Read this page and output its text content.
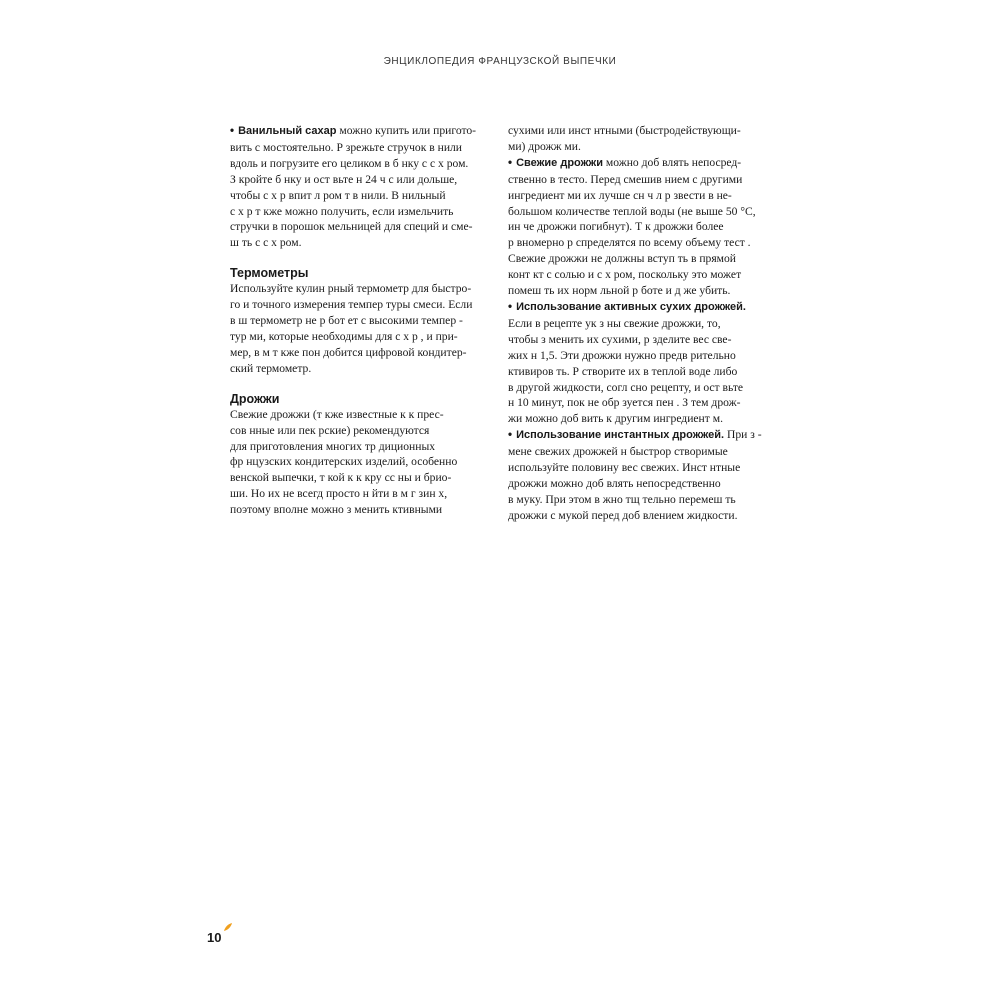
ЭНЦИКЛОПЕДИЯ ФРАНЦУЗСКОЙ ВЫПЕЧКИ
• Ванильный сахар можно купить или пригото-
вить с мостоятельно. Р зрежьте стручок в нили
вдоль и погрузите его целиком в б нку с с х ром.
З кройте б нку и ост вьте н 24 ч с или дольше,
чтобы с х р впит л ром т в нили. В нильный
с х р т кже можно получить, если измельчить
стручки в порошок мельницей для специй и сме-
ш ть с с х ром.
Термометры
Используйте кулин рный термометр для быстро-
го и точного измерения темпер туры смеси. Если
в ш термометр не р бот ет с высокими темпер -
тур ми, которые необходимы для с х р , и при-
мер, в м т кже пон добится цифровой кондитер-
ский термометр.
Дрожжи
Свежие дрожжи (т кже известные к к прес-
сов нные или пек рские) рекомендуются
для приготовления многих тр диционных
фр нцузских кондитерских изделий, особенно
венской выпечки, т кой к к кру сс ны и брио-
ши. Но их не всегд просто н йти в м г зин х,
поэтому вполне можно з менить ктивными
сухими или инст нтными (быстродействующи-
ми) дрожж ми.
• Свежие дрожжи можно доб влять непосред-
ственно в тесто. Перед смешив нием с другими
ингредиент ми их лучше сн ч л р звести в не-
большом количестве теплой воды (не выше 50 °C,
ин че дрожжи погибнут). Т к дрожжи более
р вномерно р спределятся по всему объему тест .
Свежие дрожжи не должны вступ ть в прямой
конт кт с солью и с х ром, поскольку это может
помеш ть их норм льной р боте и д же убить.
• Использование активных сухих дрожжей.
Если в рецепте ук з ны свежие дрожжи, то,
чтобы з менить их сухими, р зделите вес све-
жих н 1,5. Эти дрожжи нужно предв рительно
ктивиров ть. Р створите их в теплой воде либо
в другой жидкости, согл сно рецепту, и ост вьте
н 10 минут, пок не обр зуется пен . З тем дрож-
жи можно доб вить к другим ингредиент м.
• Использование инстантных дрожжей. При з -
мене свежих дрожжей н быстрор створимые
используйте половину вес свежих. Инст нтные
дрожжи можно доб влять непосредственно
в муку. При этом в жно тщ тельно перемеш ть
дрожжи с мукой перед доб влением жидкости.
10
